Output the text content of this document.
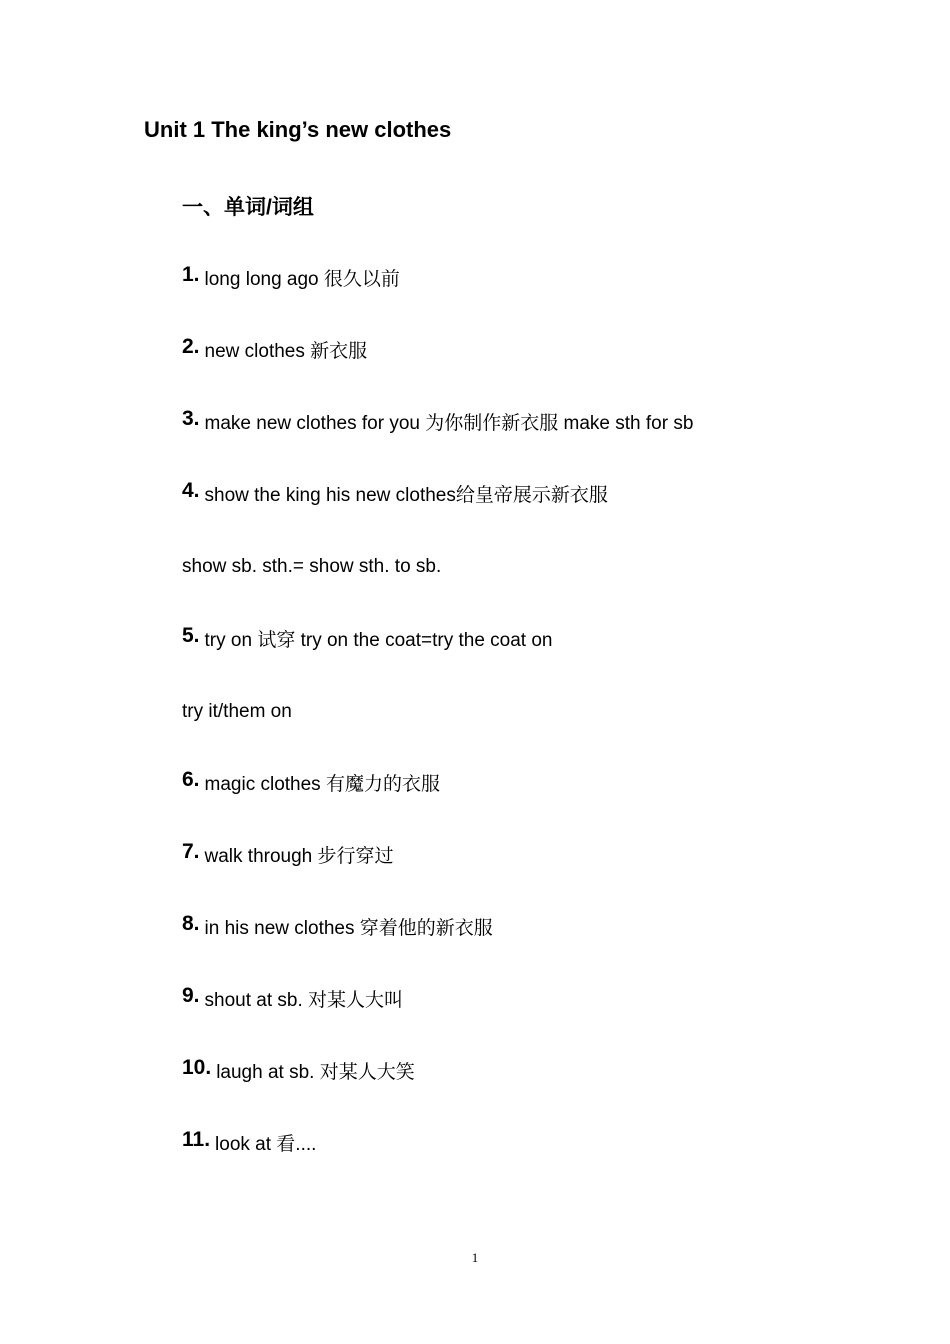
Unit 1 The king’s new clothes
一、单词/词组
1. long long ago 很久以前
2. new clothes 新衣服
3. make new clothes for you 为你制作新衣服 make sth for sb
4. show the king his new clothes给皇帝展示新衣服
show sb. sth.= show sth. to sb.
5. try on 试穿 try on the coat=try the coat on
try it/them on
6. magic clothes 有魔力的衣服
7. walk through 步行穿过
8. in his new clothes 穿着他的新衣服
9. shout at sb. 对某人大叫
10. laugh at sb. 对某人大笑
11. look at 看....
1
